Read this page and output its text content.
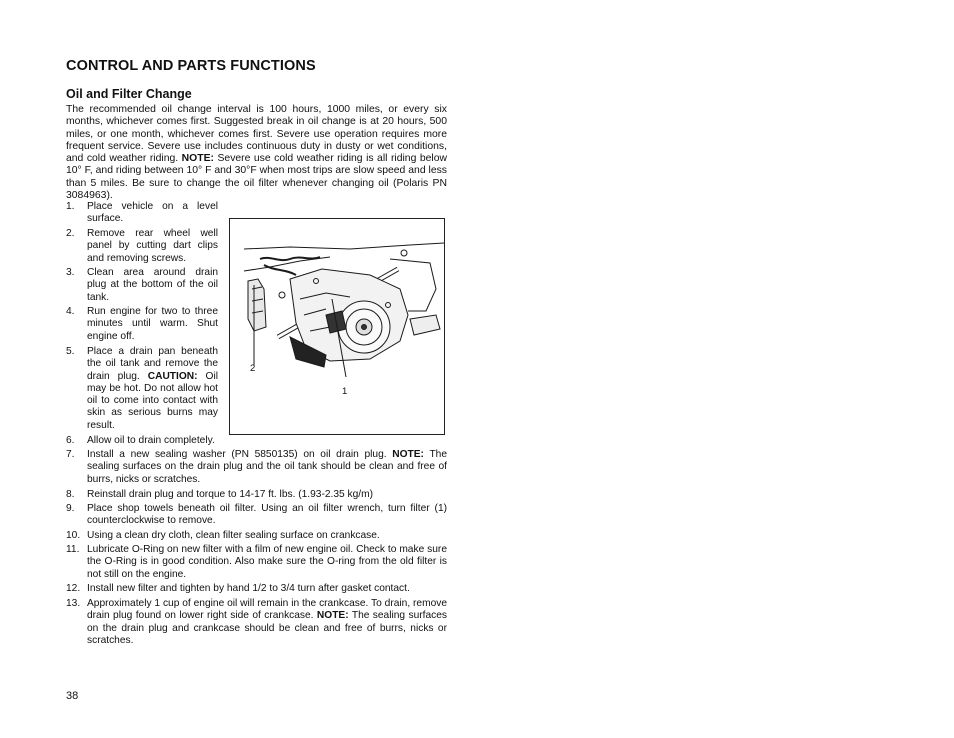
CONTROL AND PARTS FUNCTIONS
Oil and Filter Change
The recommended oil change interval is 100 hours, 1000 miles, or every six months, whichever comes first. Suggested break in oil change is at 20 hours, 500 miles, or one month, whichever comes first. Severe use operation requires more frequent service. Severe use includes continuous duty in dusty or wet conditions, and cold weather riding. NOTE: Severe use cold weather riding is all riding below 10° F, and riding between 10° F and 30°F when most trips are slow speed and less than 5 miles. Be sure to change the oil filter whenever changing oil (Polaris PN 3084963).
1. Place vehicle on a level surface.
2. Remove rear wheel well panel by cutting dart clips and removing screws.
3. Clean area around drain plug at the bottom of the oil tank.
4. Run engine for two to three minutes until warm. Shut engine off.
5. Place a drain pan beneath the oil tank and remove the drain plug. CAUTION: Oil may be hot. Do not allow hot oil to come into contact with skin as serious burns may result.
6. Allow oil to drain completely.
7. Install a new sealing washer (PN 5850135) on oil drain plug. NOTE: The sealing surfaces on the drain plug and the oil tank should be clean and free of burrs, nicks or scratches.
8. Reinstall drain plug and torque to 14-17 ft. lbs. (1.93-2.35 kg/m)
9. Place shop towels beneath oil filter. Using an oil filter wrench, turn filter (1) counterclockwise to remove.
10. Using a clean dry cloth, clean filter sealing surface on crankcase.
11. Lubricate O-Ring on new filter with a film of new engine oil. Check to make sure the O-Ring is in good condition. Also make sure the O-ring from the old filter is not still on the engine.
12. Install new filter and tighten by hand 1/2 to 3/4 turn after gasket contact.
13. Approximately 1 cup of engine oil will remain in the crankcase. To drain, remove drain plug found on lower right side of crankcase. NOTE: The sealing surfaces on the drain plug and crankcase should be clean and free of burrs, nicks or scratches.
2
1
38
